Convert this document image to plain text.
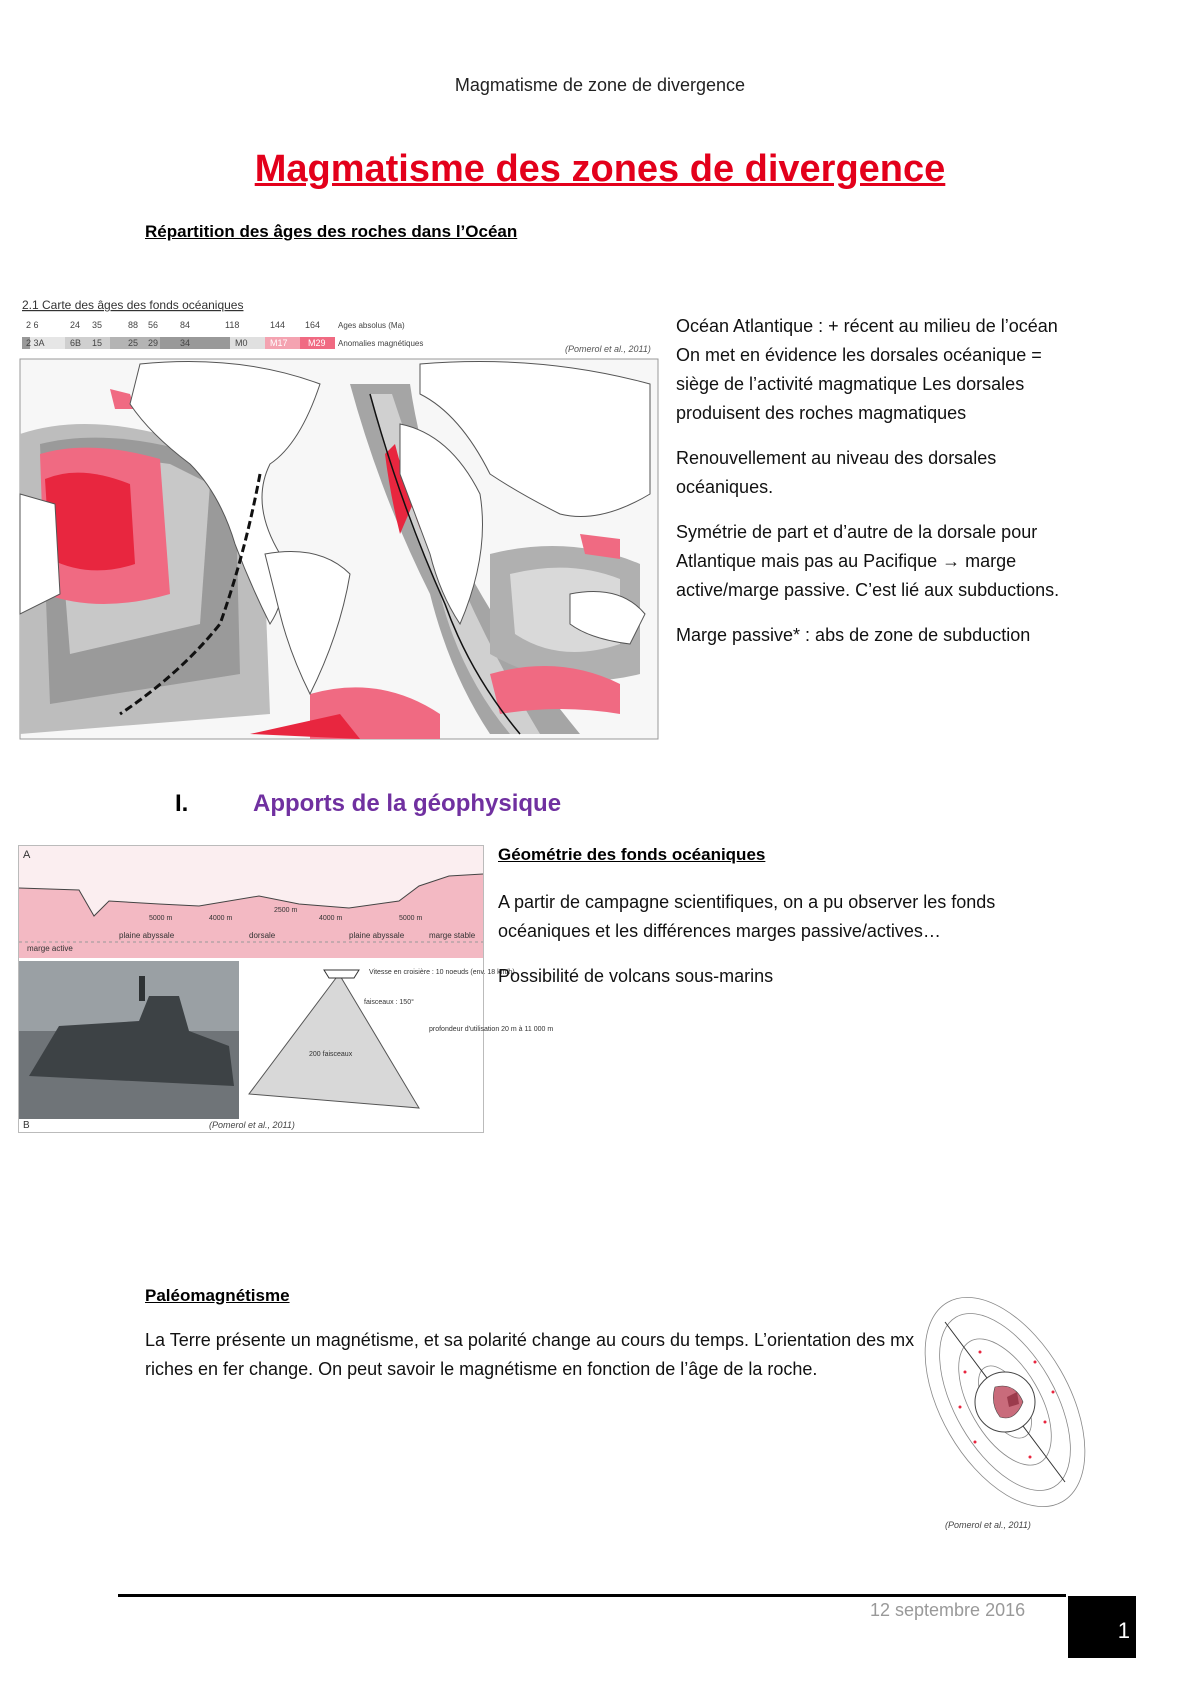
Magmatisme de zone de divergence
Magmatisme des zones de divergence
Répartition des âges des roches dans l’Océan
2.1 Carte des âges des fonds océaniques
2 6	24 35	88 56 84	118	144 164 Ages absolus (Ma)
2 3A	6B 15	25 29 34	M0 M17 M29 Anomalies magnétiques
(Pomerol et al., 2011)

Océan Atlantique : + récent au milieu de l’océan On met en évidence les dorsales océanique = siège de l’activité magmatique Les dorsales produisent des roches magmatiques

Renouvellement au niveau des dorsales océaniques.

Symétrie de part et d’autre de la dorsale pour Atlantique mais pas au Pacifique → marge active/marge passive. C’est lié aux subductions.

Marge passive* : abs de zone de subduction

I.	Apports de la géophysique
A
marge active
plaine abyssale	dorsale	plaine abyssale	marge stable
5000 m	4000 m
2500 m
4000 m	5000 m
B
Vitesse en croisière : 10 noeuds (env. 18 km/h)
faisceaux : 150°
profondeur d'utilisation 20 m à 11 000 m
200 faisceaux
(Pomerol et al., 2011)
Géométrie des fonds océaniques

A partir de campagne scientifiques, on a pu observer les fonds océaniques et les différences marges passive/actives…

Possibilité de volcans sous-marins

Paléomagnétisme

La Terre présente un magnétisme, et sa polarité change au cours du temps. L’orientation des mx riches en fer change. On peut savoir le magnétisme en fonction de l’âge de la roche.

(Pomerol et al., 2011)
12 septembre 2016
1
